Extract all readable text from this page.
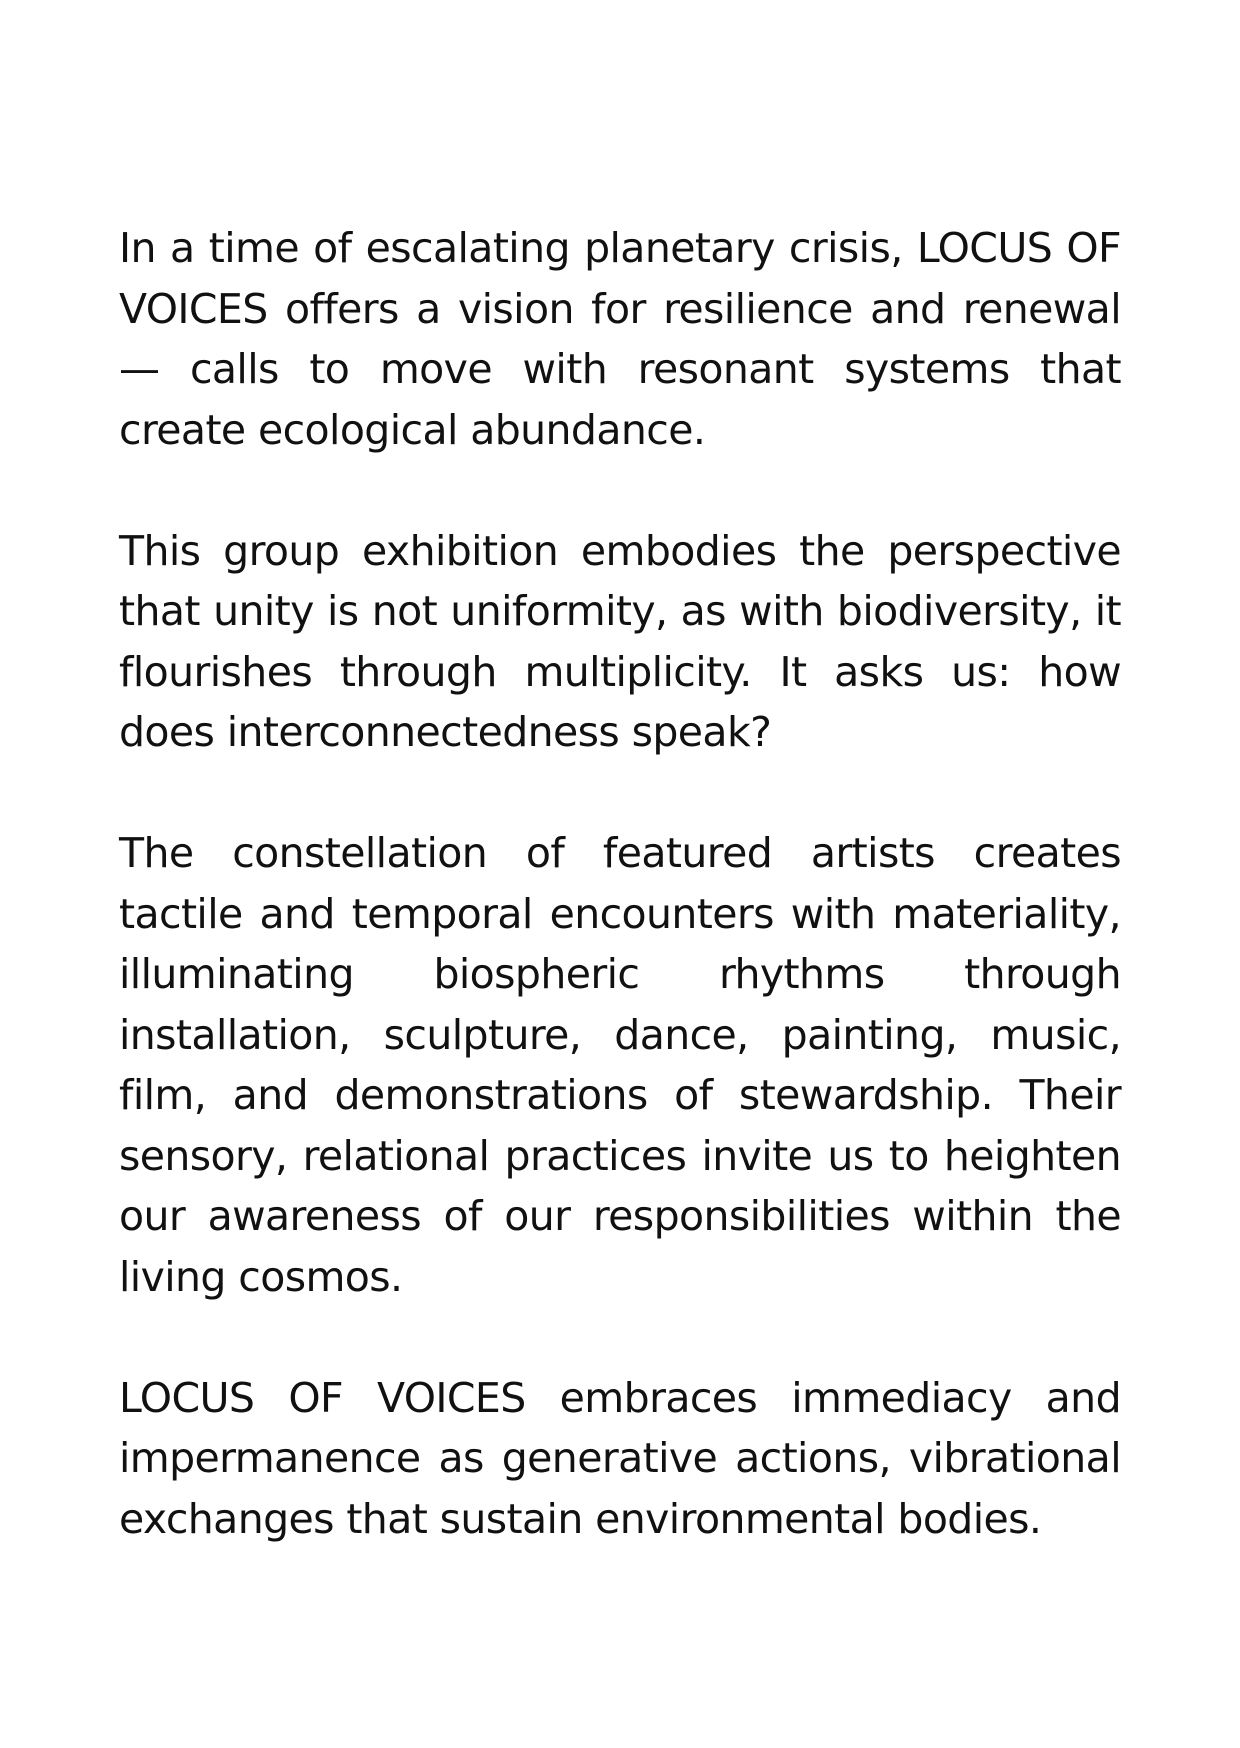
In a time of escalating planetary crisis, LOCUS OF VOICES offers a vision for resilience and renewal — calls to move with resonant systems that create ecological abundance.

This group exhibition embodies the perspective that unity is not uniformity, as with biodiversity, it flourishes through multiplicity. It asks us: how does interconnectedness speak?

The constellation of featured artists creates tactile and temporal encounters with materiality, illuminating biospheric rhythms through installation, sculpture, dance, painting, music, film, and demonstrations of stewardship. Their sensory, relational practices invite us to heighten our awareness of our responsibilities within the living cosmos.

LOCUS OF VOICES embraces immediacy and impermanence as generative actions, vibrational exchanges that sustain environmental bodies.
